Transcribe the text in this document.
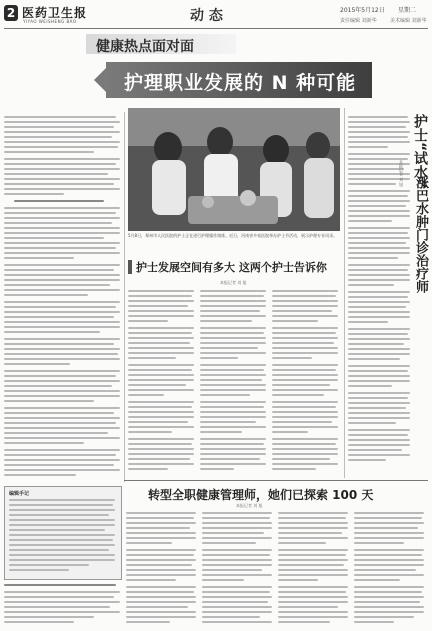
2 医药卫生报
YIYAO WEISHENG BAO	动 态	2015年5月12日 星期二
责任编辑 刘新华	美术编辑 刘新华
健康热点面对面
护理职业发展的 N 种可能
5月8日，郑州市人民医院的护士正在进行护理操作演练。近日，河南省多家医院举办护士节活动，展示护理专业风采。
护士“试水”
涨巴水肿门诊治疗师
本报记者 刘 旭
护士发展空间有多大 这两个护士告诉你
本报记者 刘 旭
编辑手记	转型全职健康管理师，她们已探索 100 天
本报记者 刘 旭
